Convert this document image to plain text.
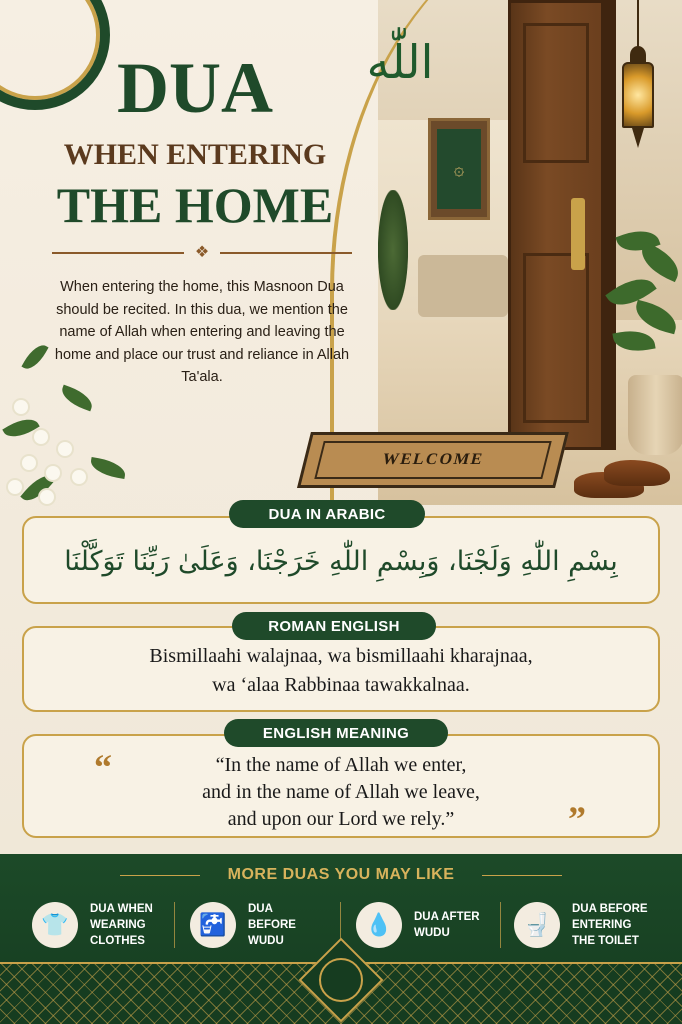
۞
WELCOME
اللّٰه
DUA
WHEN ENTERING
THE HOME
❖
When entering the home, this Masnoon Dua should be recited. In this dua, we mention the name of Allah when entering and leaving the home and place our trust and reliance in Allah Ta'ala.
DUA IN ARABIC
بِسْمِ اللّٰهِ وَلَجْنَا، وَبِسْمِ اللّٰهِ خَرَجْنَا، وَعَلَىٰ رَبِّنَا تَوَكَّلْنَا
ROMAN ENGLISH
Bismillaahi walajnaa, wa bismillaahi kharajnaa,
wa ‘alaa Rabbinaa tawakkalnaa.
ENGLISH MEANING
“	“In the name of Allah we enter,
and in the name of Allah we leave,
and upon our Lord we rely.”	”
MORE DUAS YOU MAY LIKE
👕
DUA WHEN
WEARING
CLOTHES
🚰
DUA BEFORE
WUDU
💧	DUA AFTER
WUDU	🚽
DUA BEFORE
ENTERING
THE TOILET
